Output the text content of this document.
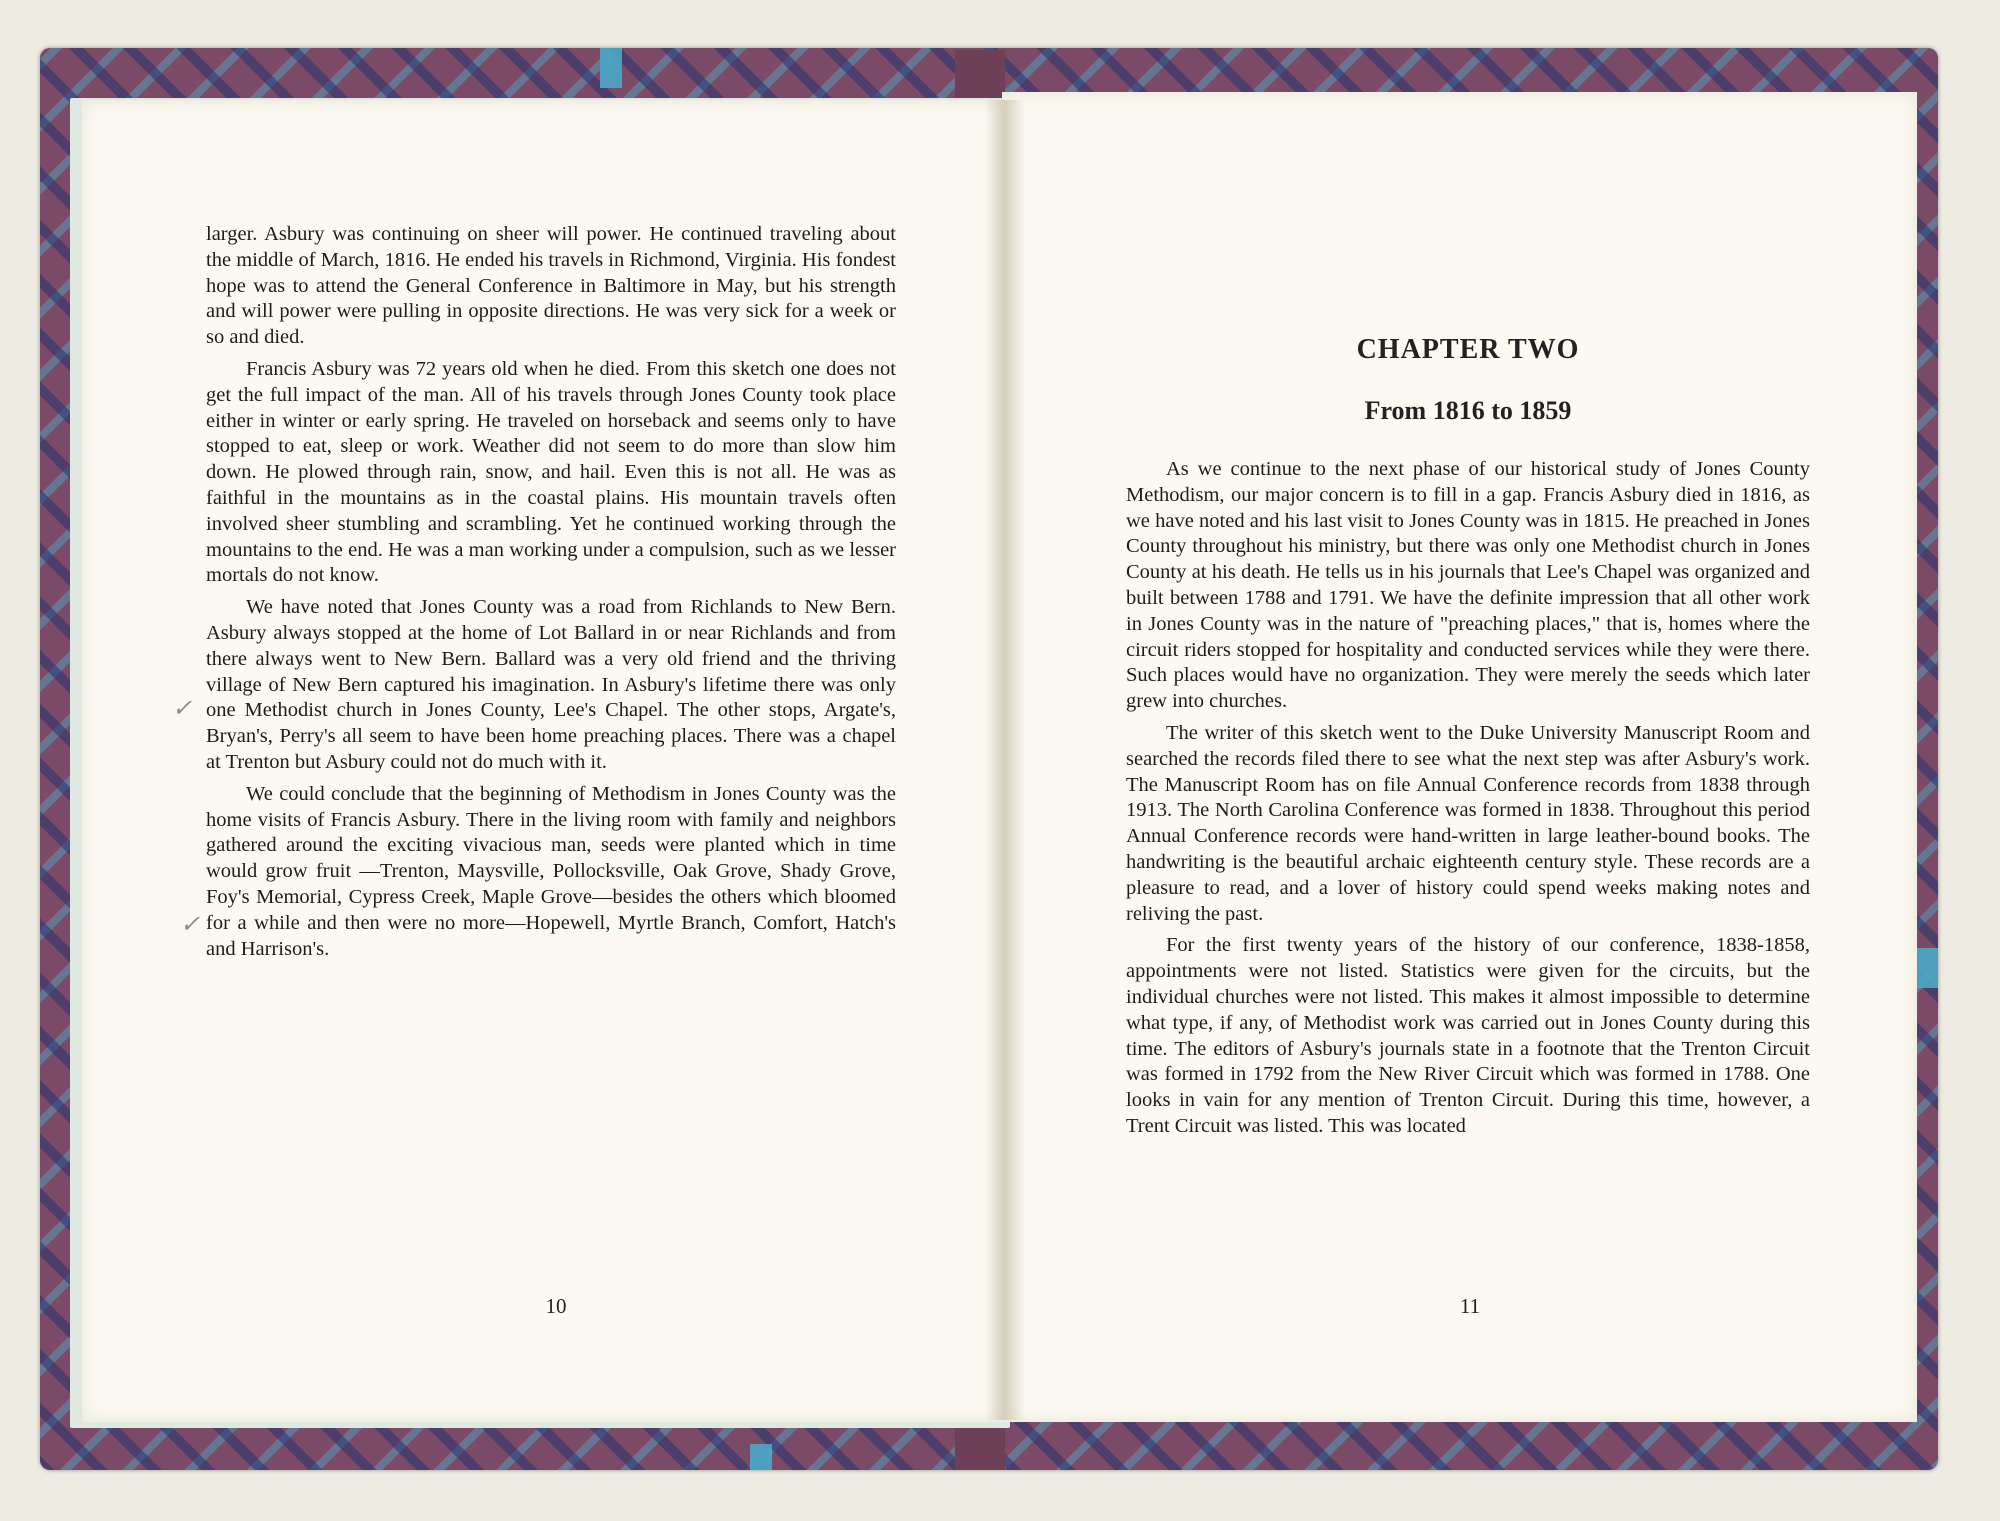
larger. Asbury was continuing on sheer will power. He continued traveling about the middle of March, 1816. He ended his travels in Richmond, Virginia. His fondest hope was to attend the General Conference in Baltimore in May, but his strength and will power were pulling in opposite directions. He was very sick for a week or so and died.

Francis Asbury was 72 years old when he died. From this sketch one does not get the full impact of the man. All of his travels through Jones County took place either in winter or early spring. He traveled on horseback and seems only to have stopped to eat, sleep or work. Weather did not seem to do more than slow him down. He plowed through rain, snow, and hail. Even this is not all. He was as faithful in the mountains as in the coastal plains. His mountain travels often involved sheer stumbling and scrambling. Yet he continued working through the mountains to the end. He was a man working under a compulsion, such as we lesser mortals do not know.

We have noted that Jones County was a road from Richlands to New Bern. Asbury always stopped at the home of Lot Ballard in or near Richlands and from there always went to New Bern. Ballard was a very old friend and the thriving village of New Bern captured his imagination. In Asbury's lifetime there was only one Methodist church in Jones County, Lee's Chapel. The other stops, Argate's, Bryan's, Perry's all seem to have been home preaching places. There was a chapel at Trenton but Asbury could not do much with it.

We could conclude that the beginning of Methodism in Jones County was the home visits of Francis Asbury. There in the living room with family and neighbors gathered around the exciting vivacious man, seeds were planted which in time would grow fruit —Trenton, Maysville, Pollocksville, Oak Grove, Shady Grove, Foy's Memorial, Cypress Creek, Maple Grove—besides the others which bloomed for a while and then were no more—Hopewell, Myrtle Branch, Comfort, Hatch's and Harrison's.

✓
✓
10
CHAPTER TWO
From 1816 to 1859

As we continue to the next phase of our historical study of Jones County Methodism, our major concern is to fill in a gap. Francis Asbury died in 1816, as we have noted and his last visit to Jones County was in 1815. He preached in Jones County throughout his ministry, but there was only one Methodist church in Jones County at his death. He tells us in his journals that Lee's Chapel was organized and built between 1788 and 1791. We have the definite impression that all other work in Jones County was in the nature of "preaching places," that is, homes where the circuit riders stopped for hospitality and conducted services while they were there. Such places would have no organization. They were merely the seeds which later grew into churches.

The writer of this sketch went to the Duke University Manuscript Room and searched the records filed there to see what the next step was after Asbury's work. The Manuscript Room has on file Annual Conference records from 1838 through 1913. The North Carolina Conference was formed in 1838. Throughout this period Annual Conference records were hand-written in large leather-bound books. The handwriting is the beautiful archaic eighteenth century style. These records are a pleasure to read, and a lover of history could spend weeks making notes and reliving the past.

For the first twenty years of the history of our conference, 1838-1858, appointments were not listed. Statistics were given for the circuits, but the individual churches were not listed. This makes it almost impossible to determine what type, if any, of Methodist work was carried out in Jones County during this time. The editors of Asbury's journals state in a footnote that the Trenton Circuit was formed in 1792 from the New River Circuit which was formed in 1788. One looks in vain for any mention of Trenton Circuit. During this time, however, a Trent Circuit was listed. This was located

11
